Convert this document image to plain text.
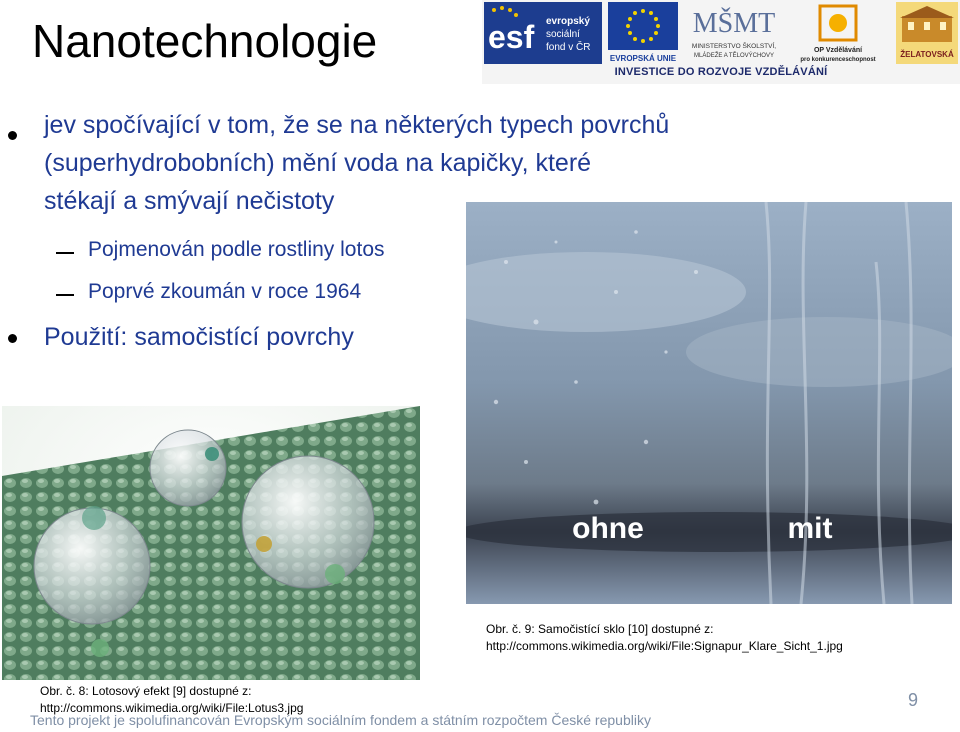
esf evropský
sociální
fond v ČR
EVROPSKÁ UNIE
MŠMT
MINISTERSTVO ŠKOLSTVÍ,
MLÁDEŽE A TĚLOVÝCHOVY
OP Vzdělávání
pro konkurenceschopnost
ŽELATOVSKÁ
INVESTICE DO ROZVOJE VZDĚLÁVÁNÍ
Nanotechnologie
jev spočívající v tom, že se na některých typech povrchů
(superhydrobobních) mění voda na kapičky, které
stékají a smývají nečistoty
Pojmenován podle rostliny lotos
Poprvé zkoumán v roce 1964
Použití: samočistící povrchy
ohne	mit
Obr. č. 9: Samočistící sklo [10] dostupné z:
http://commons.wikimedia.org/wiki/File:Signapur_Klare_Sicht_1.jpg
Obr. č. 8: Lotosový efekt [9] dostupné z:
http://commons.wikimedia.org/wiki/File:Lotus3.jpg
Tento projekt je spolufinancován Evropským sociálním fondem a státním rozpočtem České republiky
9
